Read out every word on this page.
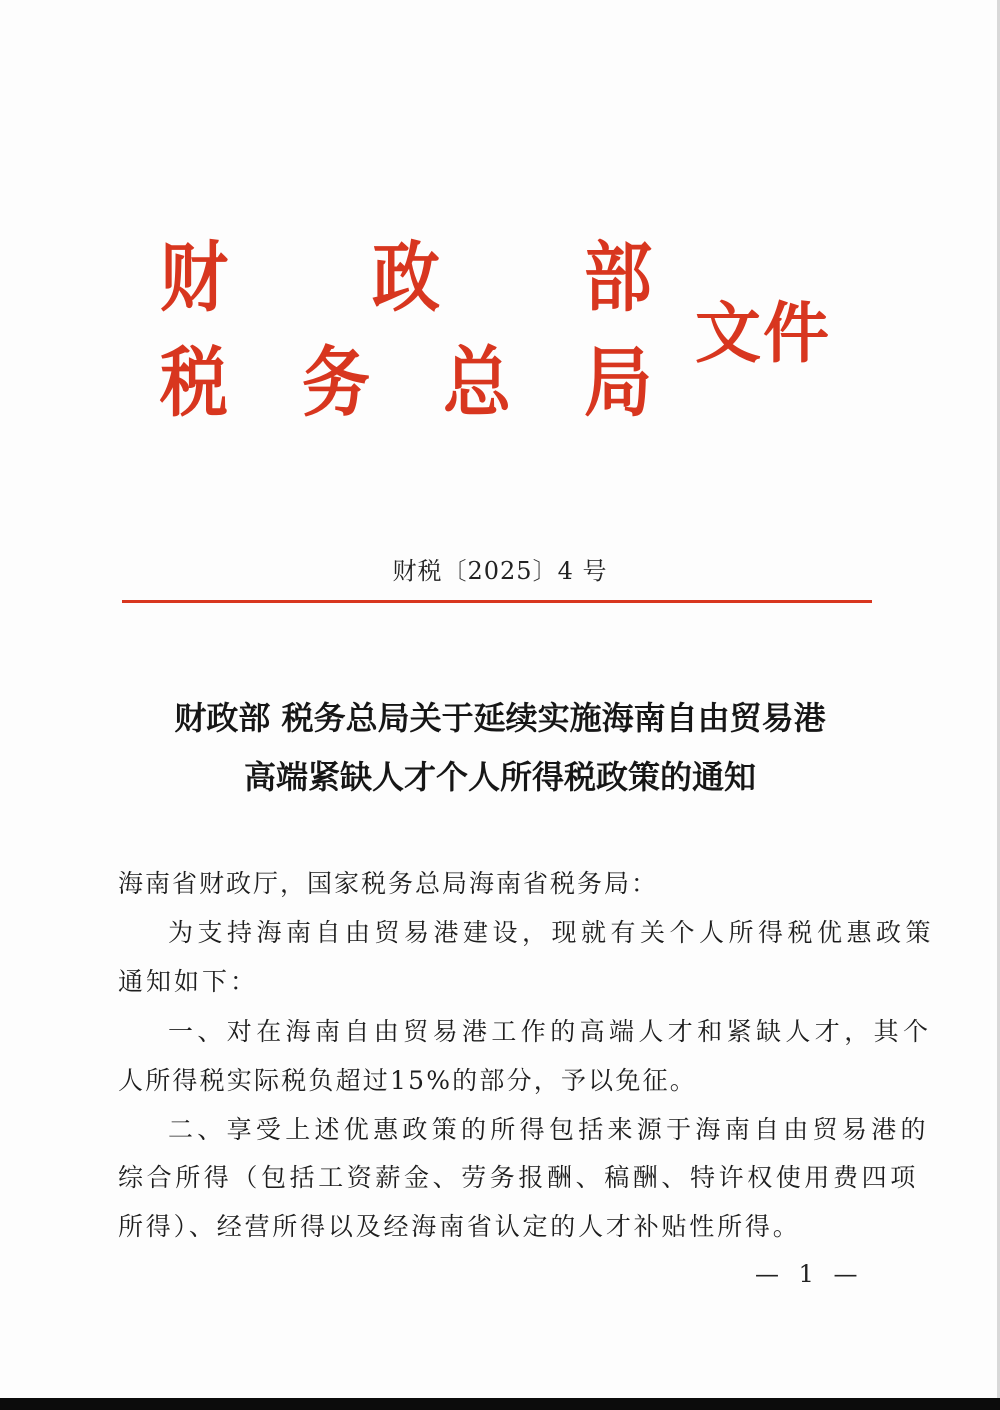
财 政 部
税 务 总 局
文件
财税〔2025〕4 号
财政部 税务总局关于延续实施海南自由贸易港
高端紧缺人才个人所得税政策的通知
海南省财政厅，国家税务总局海南省税务局：
为支持海南自由贸易港建设，现就有关个人所得税优惠政策
通知如下：
一、对在海南自由贸易港工作的高端人才和紧缺人才，其个
人所得税实际税负超过15%的部分，予以免征。
二、享受上述优惠政策的所得包括来源于海南自由贸易港的
综合所得（包括工资薪金、劳务报酬、稿酬、特许权使用费四项
所得）、经营所得以及经海南省认定的人才补贴性所得。
— 1 —
